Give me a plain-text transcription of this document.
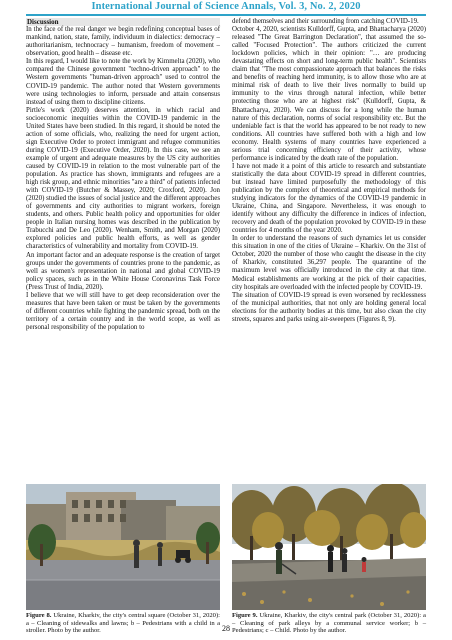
International Journal of Science Annals, Vol. 3, No. 2, 2020
Discussion

In the face of the real danger we begin redefining conceptual bases of mankind, nation, state, family, individuum in dialectics: democracy – authoritarianism, technocracy – humanism, freedom of movement – observation, good health – disease etc.

In this regard, I would like to note the work by Kimmelta (2020), who compared the Chinese government "techno-driven approach" to the Western governments "human-driven approach" used to control the COVID-19 pandemic. The author noted that Western governments were using technologies to inform, persuade and attain consensus instead of using them to discipline citizens.

Pirtle's work (2020) deserves attention, in which racial and socioeconomic inequities within the COVID-19 pandemic in the United States have been studied. In this regard, it should be noted the action of some officials, who, realizing the need for urgent action, sign Executive Order to protect immigrant and refugee communities during COVID-19 (Executive Order, 2020). In this case, we see an example of urgent and adequate measures by the US city authorities caused by COVID-19 in relation to the most vulnerable part of the population. As practice has shown, immigrants and refugees are a high risk group, and ethnic minorities "are a third" of patients infected with COVID-19 (Butcher & Massey, 2020; Croxford, 2020). Jon (2020) studied the issues of social justice and the different approaches of governments and city authorities to migrant workers, foreign students, and others. Public health policy and opportunities for older people in Italian nursing homes was described in the publication by Trabucchi and De Leo (2020). Wenham, Smith, and Morgan (2020) explored policies and public health efforts, as well as gender characteristics of vulnerability and mortality from COVID-19.

An important factor and an adequate response is the creation of target groups under the governments of countries prone to the pandemic, as well as women's representation in national and global COVID-19 policy spaces, such as in the White House Coronavirus Task Force (Press Trust of India, 2020).

I believe that we will still have to get deep reconsideration over the measures that have been taken or must be taken by the governments of different countries while fighting the pandemic spread, both on the territory of a certain country and in the world scope, as well as personal responsibility of the population to

defend themselves and their surrounding from catching COVID-19.

October 4, 2020, scientists Kulldorff, Gupta, and Bhattacharya (2020) released "The Great Barrington Declaration", that assumed the so-called "Focused Protection". The authors criticized the current lockdown policies, which in their opinion: "… are producing devastating effects on short and long-term public health". Scientists claim that "The most compassionate approach that balances the risks and benefits of reaching herd immunity, is to allow those who are at minimal risk of death to live their lives normally to build up immunity to the virus through natural infection, while better protecting those who are at highest risk" (Kulldorff, Gupta, & Bhattacharya, 2020). We can discuss for a long while the human nature of this declaration, norms of social responsibility etc. But the undeniable fact is that the world has appeared to be not ready to new conditions. All countries have suffered both with a high and low economy. Health systems of many countries have experienced a serious trial concerning efficiency of their activity, whose performance is indicated by the death rate of the population.

I have not made it a point of this article to research and substantiate statistically the data about COVID-19 spread in different countries, but instead have limited purposefully the methodology of this publication by the complex of theoretical and empirical methods for studying indicators for the dynamics of the COVID-19 pandemic in Ukraine, China, and Singapore. Nevertheless, it was enough to identify without any difficulty the difference in indices of infection, recovery and death of the population provoked by COVID-19 in these countries for 4 months of the year 2020.

In order to understand the reasons of such dynamics let us consider this situation in one of the cities of Ukraine – Kharkiv. On the 31st of October, 2020 the number of those who caught the disease in the city of Kharkiv, constituted 36,297 people. The quarantine of the maximum level was officially introduced in the city at that time. Medical establishments are working at the pick of their capacities, city hospitals are overloaded with the infected people by COVID-19.

The situation of COVID-19 spread is even worsened by recklessness of the municipal authorities, that not only are holding general local elections for the authority bodies at this time, but also clean the city streets, squares and parks using air-sweepers (Figures 8, 9).

Figure 8. Ukraine, Kharkiv, the city's central square (October 31, 2020): a – Cleaning of sidewalks and lawns; b – Pedestrians with a child in a stroller. Photo by the author.
Figure 9. Ukraine, Kharkiv, the city's central park (October 31, 2020): a – Cleaning of park alleys by a communal service worker; b – Pedestrians; c – Child. Photo by the author.
28
